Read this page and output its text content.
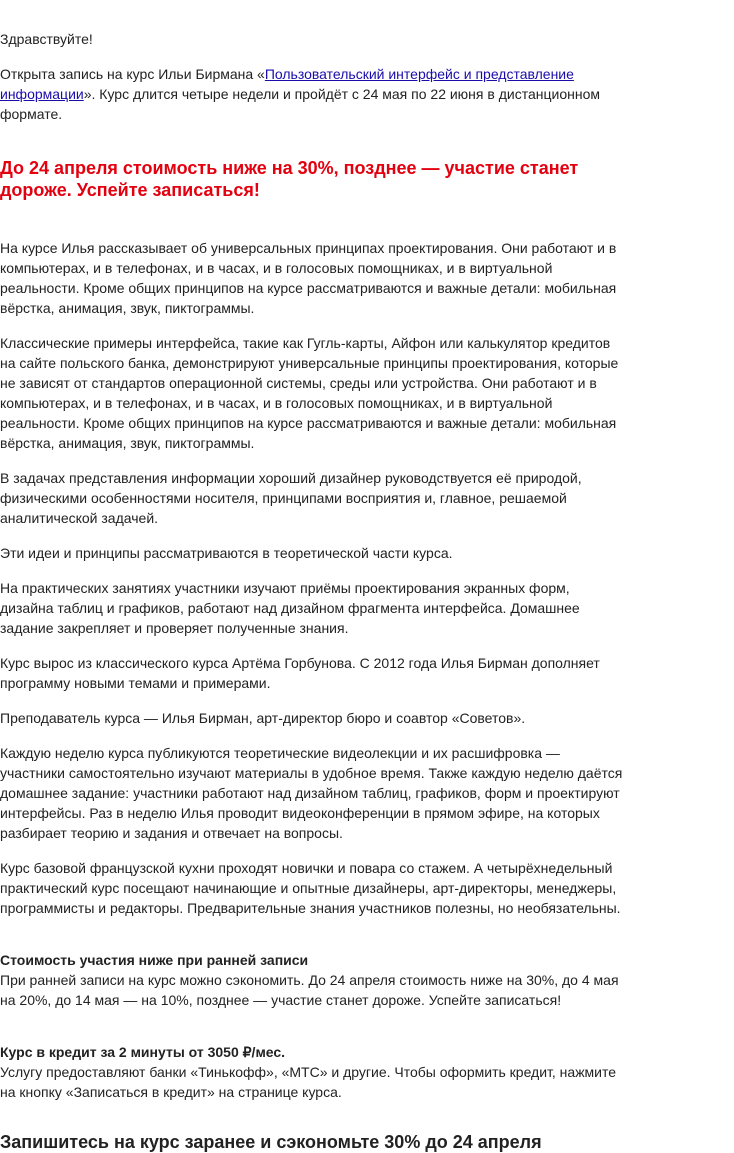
Здравствуйте!

Открыта запись на курс Ильи Бирмана «Пользовательский интерфейс и представление информации». Курс длится четыре недели и пройдёт с 24 мая по 22 июня в дистанционном формате.

До 24 апреля стоимость ниже на 30%, позднее — участие станет дороже. Успейте записаться!

На курсе Илья рассказывает об универсальных принципах проектирования. Они работают и в компьютерах, и в телефонах, и в часах, и в голосовых помощниках, и в виртуальной реальности. Кроме общих принципов на курсе рассматриваются и важные детали: мобильная вёрстка, анимация, звук, пиктограммы.

Классические примеры интерфейса, такие как Гугль-карты, Айфон или калькулятор кредитов на сайте польского банка, демонстрируют универсальные принципы проектирования, которые не зависят от стандартов операционной системы, среды или устройства. Они работают и в компьютерах, и в телефонах, и в часах, и в голосовых помощниках, и в виртуальной реальности. Кроме общих принципов на курсе рассматриваются и важные детали: мобильная вёрстка, анимация, звук, пиктограммы.

В задачах представления информации хороший дизайнер руководствуется её природой, физическими особенностями носителя, принципами восприятия и, главное, решаемой аналитической задачей.

Эти идеи и принципы рассматриваются в теоретической части курса.

На практических занятиях участники изучают приёмы проектирования экранных форм, дизайна таблиц и графиков, работают над дизайном фрагмента интерфейса. Домашнее задание закрепляет и проверяет полученные знания.

Курс вырос из классического курса Артёма Горбунова. С 2012 года Илья Бирман дополняет программу новыми темами и примерами.

Преподаватель курса — Илья Бирман, арт-директор бюро и соавтор «Советов».

Каждую неделю курса публикуются теоретические видеолекции и их расшифровка — участники самостоятельно изучают материалы в удобное время. Также каждую неделю даётся домашнее задание: участники работают над дизайном таблиц, графиков, форм и проектируют интерфейсы. Раз в неделю Илья проводит видеоконференции в прямом эфире, на которых разбирает теорию и задания и отвечает на вопросы.

Курс базовой французской кухни проходят новички и повара со стажем. А четырёхнедельный практический курс посещают начинающие и опытные дизайнеры, арт-директоры, менеджеры, программисты и редакторы. Предварительные знания участников полезны, но необязательны.

Стоимость участия ниже при ранней записи

При ранней записи на курс можно сэкономить. До 24 апреля стоимость ниже на 30%, до 4 мая на 20%, до 14 мая — на 10%, позднее — участие станет дороже. Успейте записаться!

Курс в кредит за 2 минуты от 3050 ₽/мес.

Услугу предоставляют банки «Тинькофф», «МТС» и другие. Чтобы оформить кредит, нажмите на кнопку «Записаться в кредит» на странице курса.

Запишитесь на курс заранее и сэкономьте 30% до 24 апреля
